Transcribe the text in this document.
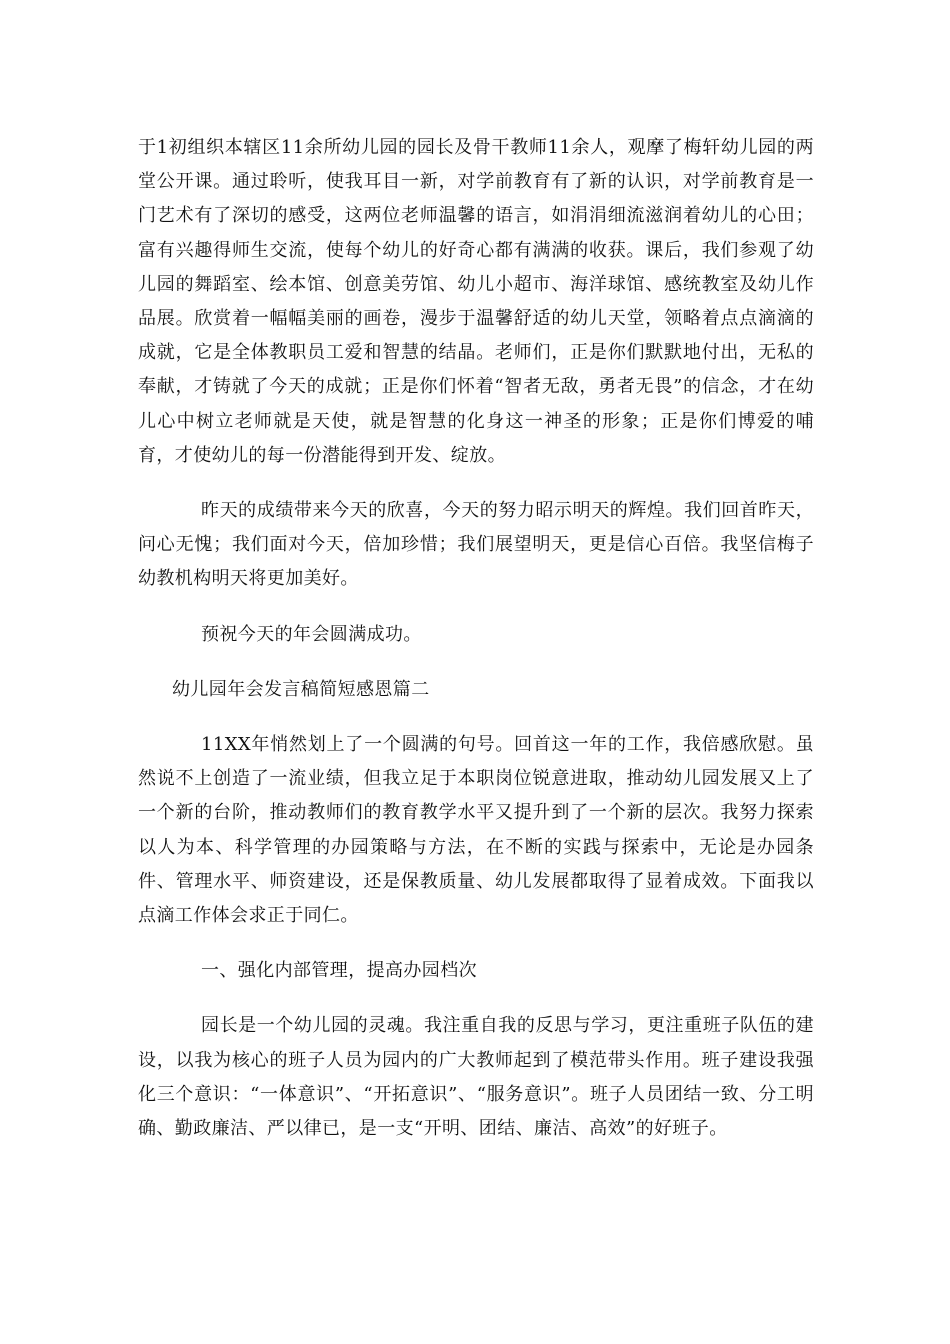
于1初组织本辖区11余所幼儿园的园长及骨干教师11余人，观摩了梅轩幼儿园的两堂公开课。通过聆听，使我耳目一新，对学前教育有了新的认识，对学前教育是一门艺术有了深切的感受，这两位老师温馨的语言，如涓涓细流滋润着幼儿的心田；富有兴趣得师生交流，使每个幼儿的好奇心都有满满的收获。课后，我们参观了幼儿园的舞蹈室、绘本馆、创意美劳馆、幼儿小超市、海洋球馆、感统教室及幼儿作品展。欣赏着一幅幅美丽的画卷，漫步于温馨舒适的幼儿天堂，领略着点点滴滴的成就，它是全体教职员工爱和智慧的结晶。老师们，正是你们默默地付出，无私的奉献，才铸就了今天的成就；正是你们怀着“智者无敌，勇者无畏”的信念，才在幼儿心中树立老师就是天使，就是智慧的化身这一神圣的形象；正是你们博爱的哺育，才使幼儿的每一份潜能得到开发、绽放。

昨天的成绩带来今天的欣喜，今天的努力昭示明天的辉煌。我们回首昨天，问心无愧；我们面对今天，倍加珍惜；我们展望明天，更是信心百倍。我坚信梅子幼教机构明天将更加美好。

预祝今天的年会圆满成功。

幼儿园年会发言稿简短感恩篇二

11XX年悄然划上了一个圆满的句号。回首这一年的工作，我倍感欣慰。虽然说不上创造了一流业绩，但我立足于本职岗位锐意进取，推动幼儿园发展又上了一个新的台阶，推动教师们的教育教学水平又提升到了一个新的层次。我努力探索以人为本、科学管理的办园策略与方法，在不断的实践与探索中，无论是办园条件、管理水平、师资建设，还是保教质量、幼儿发展都取得了显着成效。下面我以点滴工作体会求正于同仁。

一、强化内部管理，提高办园档次

园长是一个幼儿园的灵魂。我注重自我的反思与学习，更注重班子队伍的建设，以我为核心的班子人员为园内的广大教师起到了模范带头作用。班子建设我强化三个意识：“一体意识”、“开拓意识”、“服务意识”。班子人员团结一致、分工明确、勤政廉洁、严以律已，是一支“开明、团结、廉洁、高效”的好班子。
